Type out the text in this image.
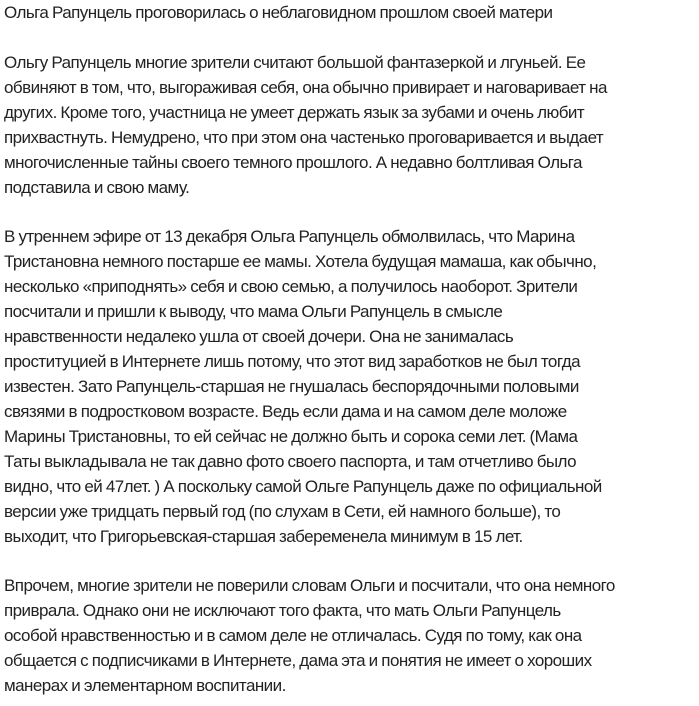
Ольга Рапунцель проговорилась о неблаговидном прошлом своей матери
Ольгу Рапунцель многие зрители считают большой фантазеркой и лгуньей. Ее
обвиняют в том, что, выгораживая себя, она обычно привирает и наговаривает на
других. Кроме того, участница не умеет держать язык за зубами и очень любит
прихвастнуть. Немудрено, что при этом она частенько проговаривается и выдает
многочисленные тайны своего темного прошлого. А недавно болтливая Ольга
подставила и свою маму.
В утреннем эфире от 13 декабря Ольга Рапунцель обмолвилась, что Марина
Тристановна немного постарше ее мамы. Хотела будущая мамаша, как обычно,
несколько «приподнять» себя и свою семью, а получилось наоборот. Зрители
посчитали и пришли к выводу, что мама Ольги Рапунцель в смысле
нравственности недалеко ушла от своей дочери. Она не занималась
проституцией в Интернете лишь потому, что этот вид заработков не был тогда
известен. Зато Рапунцель-старшая не гнушалась беспорядочными половыми
связями в подростковом возрасте. Ведь если дама и на самом деле моложе
Марины Тристановны, то ей сейчас не должно быть и сорока семи лет. (Мама
Таты выкладывала не так давно фото своего паспорта, и там отчетливо было
видно, что ей 47лет. ) А поскольку самой Ольге Рапунцель даже по официальной
версии уже тридцать первый год (по слухам в Сети, ей намного больше), то
выходит, что Григорьевская-старшая забеременела минимум в 15 лет.
Впрочем, многие зрители не поверили словам Ольги и посчитали, что она немного
приврала. Однако они не исключают того факта, что мать Ольги Рапунцель
особой нравственностью и в самом деле не отличалась. Судя по тому, как она
общается с подписчиками в Интернете, дама эта и понятия не имеет о хороших
манерах и элементарном воспитании.
